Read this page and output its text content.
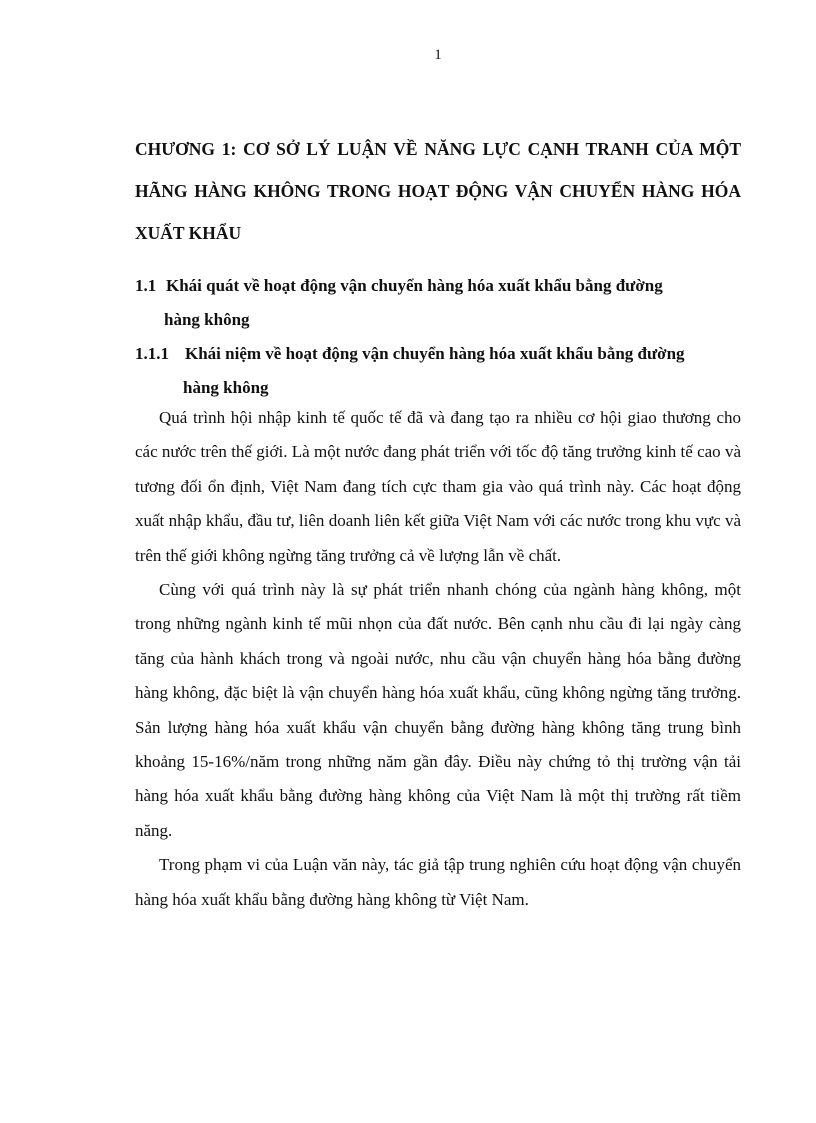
1
CHƯƠNG 1: CƠ SỞ LÝ LUẬN VỀ NĂNG LỰC CẠNH TRANH CỦA MỘT HÃNG HÀNG KHÔNG TRONG HOẠT ĐỘNG VẬN CHUYỂN HÀNG HÓA XUẤT KHẨU
1.1 Khái quát về hoạt động vận chuyển hàng hóa xuất khẩu bằng đường
hàng không
1.1.1 Khái niệm về hoạt động vận chuyển hàng hóa xuất khẩu bằng đường
hàng không

Quá trình hội nhập kinh tế quốc tế đã và đang tạo ra nhiều cơ hội giao thương cho các nước trên thế giới. Là một nước đang phát triển với tốc độ tăng trưởng kinh tế cao và tương đối ổn định, Việt Nam đang tích cực tham gia vào quá trình này. Các hoạt động xuất nhập khẩu, đầu tư, liên doanh liên kết giữa Việt Nam với các nước trong khu vực và trên thế giới không ngừng tăng trưởng cả về lượng lẫn về chất.

Cùng với quá trình này là sự phát triển nhanh chóng của ngành hàng không, một trong những ngành kinh tế mũi nhọn của đất nước. Bên cạnh nhu cầu đi lại ngày càng tăng của hành khách trong và ngoài nước, nhu cầu vận chuyển hàng hóa bằng đường hàng không, đặc biệt là vận chuyển hàng hóa xuất khẩu, cũng không ngừng tăng trưởng. Sản lượng hàng hóa xuất khẩu vận chuyển bằng đường hàng không tăng trung bình khoảng 15-16%/năm trong những năm gần đây. Điều này chứng tỏ thị trường vận tải hàng hóa xuất khẩu bằng đường hàng không của Việt Nam là một thị trường rất tiềm năng.

Trong phạm vi của Luận văn này, tác giả tập trung nghiên cứu hoạt động vận chuyển hàng hóa xuất khẩu bằng đường hàng không từ Việt Nam.
